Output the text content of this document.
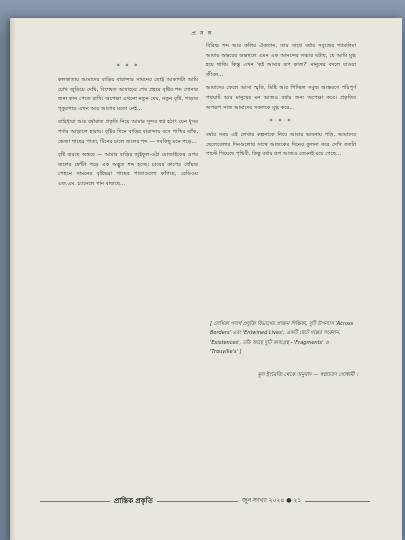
প্র স ঙ্গ
* * *

কলকাতায় আমাদের বাড়ির বারান্দার সামনের ছোট্ট আকাশটা আমি চোখ জুড়িয়ে দেখি, বিশেষত আষাঢ়ের শেষ প্রহরে বৃষ্টির শব্দ শোনার জন্য কান পেতে রাখি। অপেক্ষা এখনো নতুন মেঘ, নতুন বৃষ্টি, পাড়ার পুকুরপাড় এখন আর আগের মতো নেই…

বারিধারা আর বর্ষারাত প্রকৃতি নিয়ে আমার সুন্দর স্বপ্ন হঠাৎ যেন ধূসর পর্দার আড়ালে হারায়। বৃষ্টির দিনে বাড়ির বারান্দায় বসে পাখির ঝাঁক, ভেজা গাছের পাতা, টিনের চালে জলের শব্দ — সবকিছু মনে পড়ে…

বৃষ্টি ঝরছে অন্তরে — আমার বাড়ির জুইফুল-ওঠা মোজাইকের ওপর জলের ফোঁটা পড়ে এক অদ্ভুত শব্দ হচ্ছে। চায়ের কাপের ধোঁয়ার পেছনে সামনের বৃষ্টিভরা গাছের পাতাগুলো কাঁপছে, রেডিওয় এফ.এম. চ্যানেলে গান বাজছে…

বিরিঞ্চ শব্দ আর কলির ঐকতান, তার সাথে বর্ষার সবুজের শ্যামলিমা আমার অন্তরের অন্তস্থলে এমন এক আনন্দের সঞ্চার ঘটায়, যে আমি মুগ্ধ হয়ে থাকি। কিন্তু এখন 'কই আমার রূপ কাজ?' মানুষের বদলে যাওয়া জীবন…

আমাদের ফেলে আসা স্মৃতি, মিষ্টি আর পিচ্ছিল সবুজ আস্তরণে পরিপূর্ণ পথঘাট আর মানুষের মন আজও বর্ষার জন্য অপেক্ষা করে। প্রকৃতির অপরূপ সাজ আমাদের সকলকে মুগ্ধ করে…

* * *

বর্ষার সময় এই লেখার কল্পনাকে নিয়ে আবার ভাবনায় পড়ি, আমাদের ছেলেবেলার দিনগুলোর সাথে আজকের দিনের তুলনা করে দেখি কতটা পাল্টে গিয়েছে পৃথিবী, কিন্তু বর্ষার রূপ আজও তেমনই রয়ে গেছে…

[ লেখিকা পদার্থ প্রযুক্তি বিভাগের প্রাক্তন শিক্ষিকা, দুটি উপন্যাস 'Across Borders' এবং 'Entwined Lives', একটি ছোট গল্পের সংকলন, 'Existences', তাঁর আছে দুটি কাব্যগ্রন্থ - 'Fragments' ও 'Trouville's' ]
মূল ইংরেজি থেকে অনুবাদ — স্বপ্নাচরণ গোস্বামী ।
প্রান্তিক প্রকৃতি	জুন সংখ্যা ২০২৪ ● ২১
